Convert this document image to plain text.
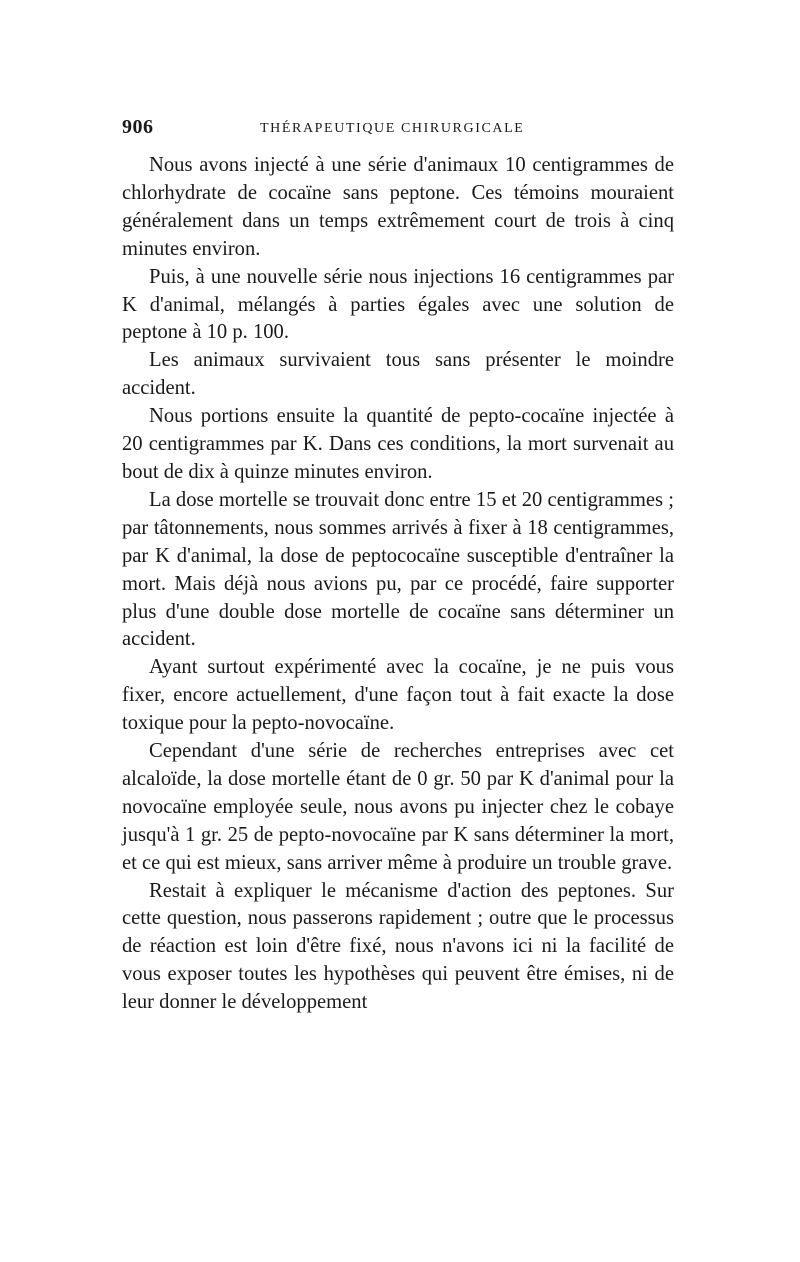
906	THÉRAPEUTIQUE CHIRURGICALE

Nous avons injecté à une série d'animaux 10 centigrammes de chlorhydrate de cocaïne sans peptone. Ces témoins mouraient généralement dans un temps extrêmement court de trois à cinq minutes environ.

Puis, à une nouvelle série nous injections 16 centigrammes par K d'animal, mélangés à parties égales avec une solution de peptone à 10 p. 100.

Les animaux survivaient tous sans présenter le moindre accident.

Nous portions ensuite la quantité de pepto-cocaïne injectée à 20 centigrammes par K. Dans ces conditions, la mort survenait au bout de dix à quinze minutes environ.

La dose mortelle se trouvait donc entre 15 et 20 centigrammes ; par tâtonnements, nous sommes arrivés à fixer à 18 centigrammes, par K d'animal, la dose de peptococaïne susceptible d'entraîner la mort. Mais déjà nous avions pu, par ce procédé, faire supporter plus d'une double dose mortelle de cocaïne sans déterminer un accident.

Ayant surtout expérimenté avec la cocaïne, je ne puis vous fixer, encore actuellement, d'une façon tout à fait exacte la dose toxique pour la pepto-novocaïne.

Cependant d'une série de recherches entreprises avec cet alcaloïde, la dose mortelle étant de 0 gr. 50 par K d'animal pour la novocaïne employée seule, nous avons pu injecter chez le cobaye jusqu'à 1 gr. 25 de pepto-novocaïne par K sans déterminer la mort, et ce qui est mieux, sans arriver même à produire un trouble grave.

Restait à expliquer le mécanisme d'action des peptones. Sur cette question, nous passerons rapidement ; outre que le processus de réaction est loin d'être fixé, nous n'avons ici ni la facilité de vous exposer toutes les hypothèses qui peuvent être émises, ni de leur donner le développement
